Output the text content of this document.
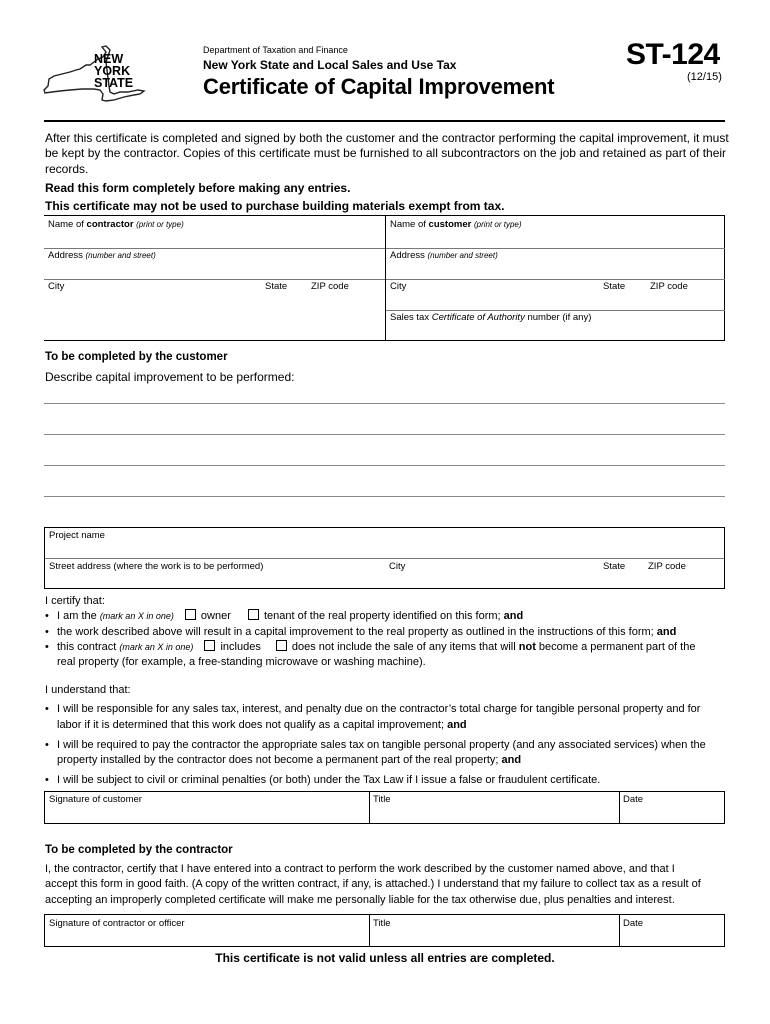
NEW
YORK
STATE
Department of Taxation and Finance
New York State and Local Sales and Use Tax
Certificate of Capital Improvement
ST-124
(12/15)
After this certificate is completed and signed by both the customer and the contractor performing the capital improvement, it must be kept by the contractor. Copies of this certificate must be furnished to all subcontractors on the job and retained as part of their records.
Read this form completely before making any entries.
This certificate may not be used to purchase building materials exempt from tax.
Name of contractor (print or type)	Name of customer (print or type)
Address (number and street)	Address (number and street)
City	State	ZIP code	City	State	ZIP code
Sales tax Certificate of Authority number (if any)
To be completed by the customer
Describe capital improvement to be performed:
Project name
Street address (where the work is to be performed)	City	State ZIP code
I certify that:
• I am the (mark an X in one) owner	tenant of the real property identified on this form; and
• the work described above will result in a capital improvement to the real property as outlined in the instructions of this form; and
• this contract (mark an X in one) includes	does not include the sale of any items that will not become a permanent part of the
real property (for example, a free-standing microwave or washing machine).
I understand that:
• I will be responsible for any sales tax, interest, and penalty due on the contractor’s total charge for tangible personal property and for
labor if it is determined that this work does not qualify as a capital improvement; and
• I will be required to pay the contractor the appropriate sales tax on tangible personal property (and any associated services) when the
property installed by the contractor does not become a permanent part of the real property; and
• I will be subject to civil or criminal penalties (or both) under the Tax Law if I issue a false or fraudulent certificate.
Signature of customer	Title	Date
To be completed by the contractor
I, the contractor, certify that I have entered into a contract to perform the work described by the customer named above, and that I
accept this form in good faith. (A copy of the written contract, if any, is attached.) I understand that my failure to collect tax as a result of
accepting an improperly completed certificate will make me personally liable for the tax otherwise due, plus penalties and interest.
Signature of contractor or officer	Title	Date
This certificate is not valid unless all entries are completed.
